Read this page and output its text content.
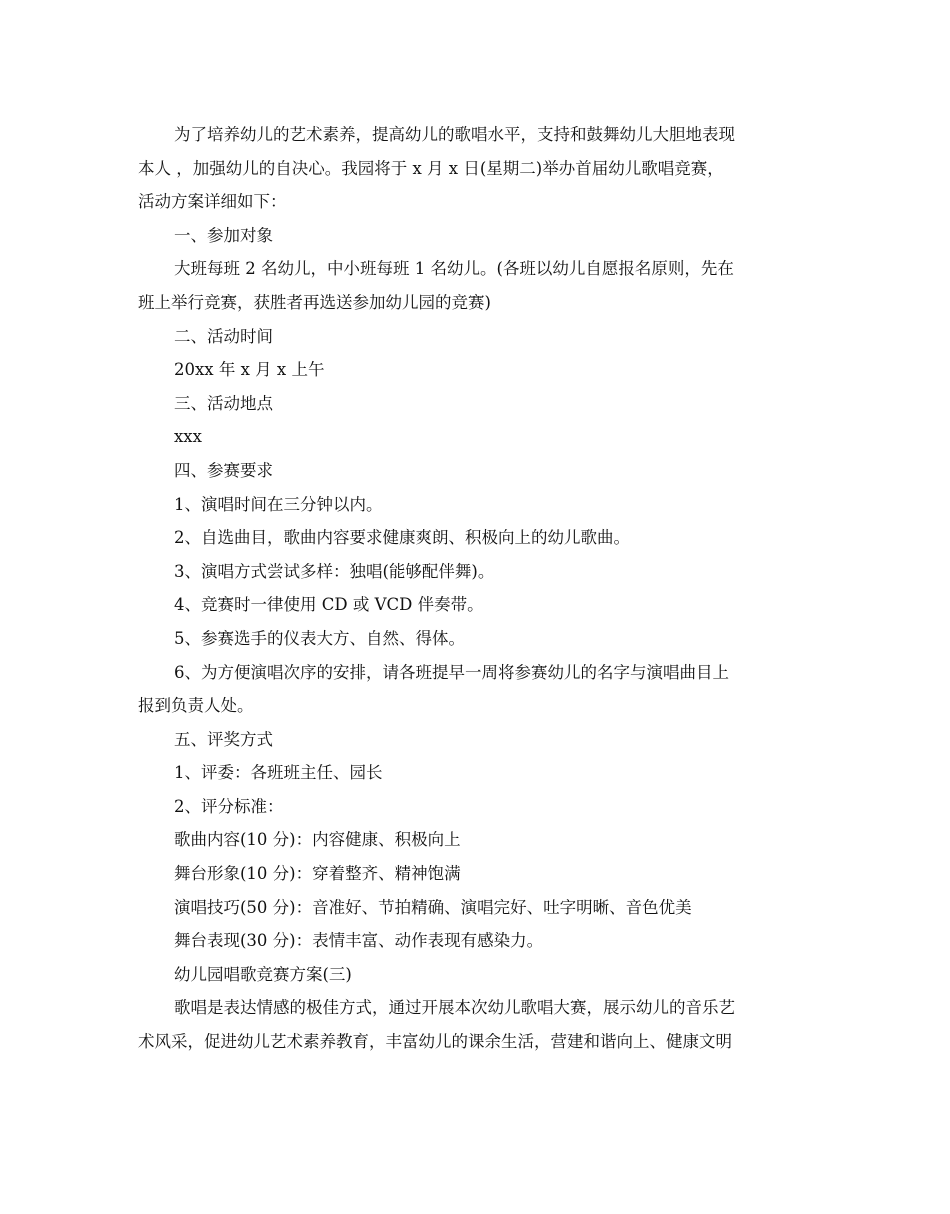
为了培养幼儿的艺术素养，提高幼儿的歌唱水平，支持和鼓舞幼儿大胆地表现
本人 ，加强幼儿的自决心。我园将于 x 月 x 日(星期二)举办首届幼儿歌唱竞赛，
活动方案详细如下：
一、参加对象
大班每班 2 名幼儿，中小班每班 1 名幼儿。(各班以幼儿自愿报名原则，先在
班上举行竞赛，获胜者再选送参加幼儿园的竞赛)
二、活动时间
20xx 年 x 月 x 上午
三、活动地点
xxx
四、参赛要求
1、演唱时间在三分钟以内。
2、自选曲目，歌曲内容要求健康爽朗、积极向上的幼儿歌曲。
3、演唱方式尝试多样：独唱(能够配伴舞)。
4、竞赛时一律使用 CD 或 VCD 伴奏带。
5、参赛选手的仪表大方、自然、得体。
6、为方便演唱次序的安排，请各班提早一周将参赛幼儿的名字与演唱曲目上
报到负责人处。
五、评奖方式
1、评委：各班班主任、园长
2、评分标准：
歌曲内容(10 分)：内容健康、积极向上
舞台形象(10 分)：穿着整齐、精神饱满
演唱技巧(50 分)：音准好、节拍精确、演唱完好、吐字明晰、音色优美
舞台表现(30 分)：表情丰富、动作表现有感染力。
幼儿园唱歌竞赛方案(三)
歌唱是表达情感的极佳方式，通过开展本次幼儿歌唱大赛，展示幼儿的音乐艺
术风采，促进幼儿艺术素养教育，丰富幼儿的课余生活，营建和谐向上、健康文明
